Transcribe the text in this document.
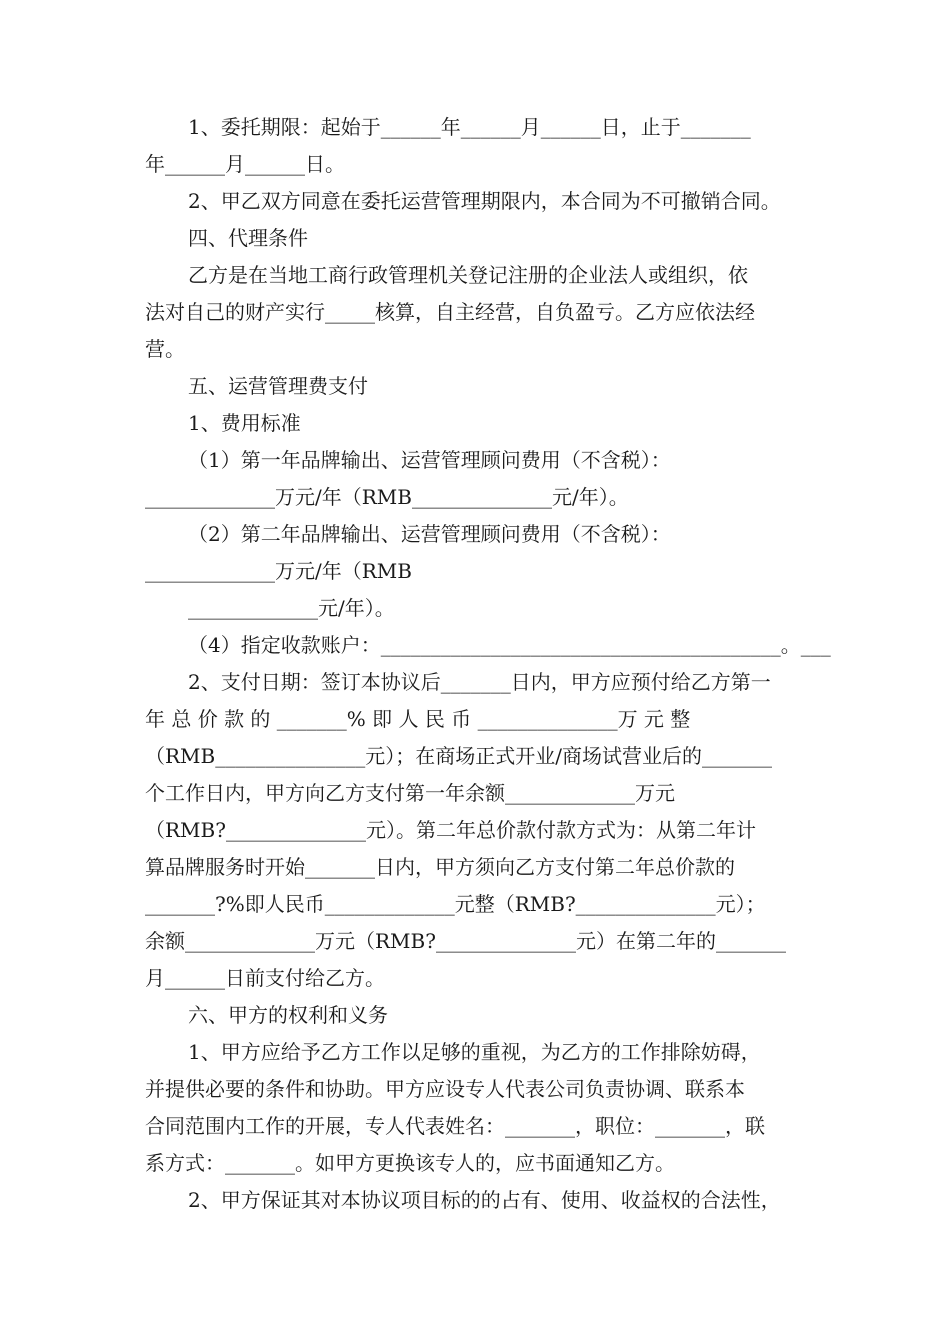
1、委托期限：起始于______年______月______日，止于_______
年______月______日。
2、甲乙双方同意在委托运营管理期限内，本合同为不可撤销合同。
四、代理条件
乙方是在当地工商行政管理机关登记注册的企业法人或组织，依
法对自己的财产实行_____核算，自主经营，自负盈亏。乙方应依法经
营。
五、运营管理费支付
1、费用标准
（1）第一年品牌输出、运营管理顾问费用（不含税）：
_____________万元/年（RMB______________元/年）。
（2）第二年品牌输出、运营管理顾问费用（不含税）：
_____________万元/年（RMB
_____________元/年）。
（4）指定收款账户：________________________________________。___
2、支付日期：签订本协议后_______日内，甲方应预付给乙方第一
年 总 价 款 的 _______% 即 人 民 币 ______________万 元 整
（RMB_______________元）；在商场正式开业/商场试营业后的_______
个工作日内，甲方向乙方支付第一年余额_____________万元
（RMB?______________元）。第二年总价款付款方式为：从第二年计
算品牌服务时开始_______日内，甲方须向乙方支付第二年总价款的
_______?%即人民币_____________元整（RMB?______________元）；
余额_____________万元（RMB?______________元）在第二年的_______
月______日前支付给乙方。
六、甲方的权利和义务
1、甲方应给予乙方工作以足够的重视，为乙方的工作排除妨碍，
并提供必要的条件和协助。甲方应设专人代表公司负责协调、联系本
合同范围内工作的开展，专人代表姓名：_______，职位：_______，联
系方式：_______。如甲方更换该专人的，应书面通知乙方。
2、甲方保证其对本协议项目标的的占有、使用、收益权的合法性，
